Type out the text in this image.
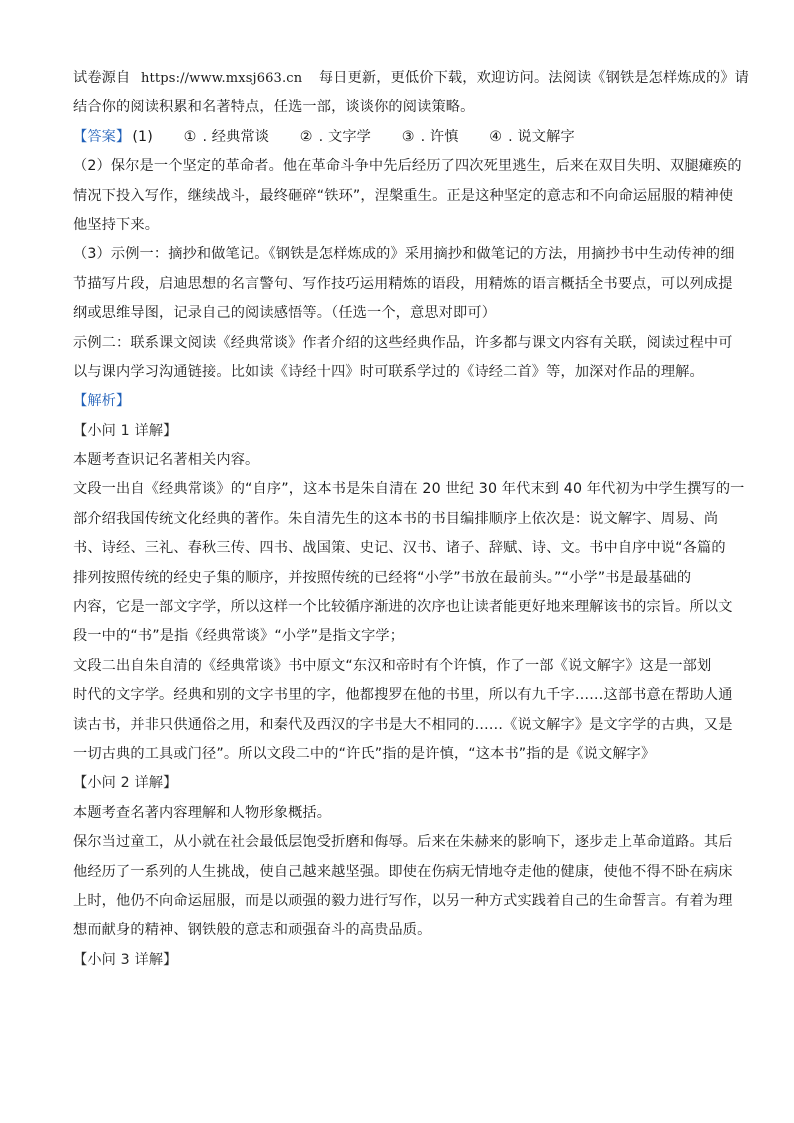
试卷源自 https://www.mxsj663.cn 每日更新，更低价下载，欢迎访问。法阅读《钢铁是怎样炼成的》请
结合你的阅读积累和名著特点，任选一部，谈谈你的阅读策略。
【答案】 (1) ① . 经典常谈 ② . 文字学 ③ . 许慎 ④ . 说文解字
（2）保尔是一个坚定的革命者。他在革命斗争中先后经历了四次死里逃生，后来在双目失明、双腿瘫痪的
情况下投入写作，继续战斗，最终砸碎“铁环”，涅槃重生。正是这种坚定的意志和不向命运屈服的精神使
他坚持下来。
（3）示例一：摘抄和做笔记。《钢铁是怎样炼成的》采用摘抄和做笔记的方法，用摘抄书中生动传神的细
节描写片段，启迪思想的名言警句、写作技巧运用精炼的语段，用精炼的语言概括全书要点，可以列成提
纲或思维导图，记录自己的阅读感悟等。（任选一个，意思对即可）
示例二：联系课文阅读《经典常谈》作者介绍的这些经典作品，许多都与课文内容有关联，阅读过程中可
以与课内学习沟通链接。比如读《诗经十四》时可联系学过的《诗经二首》等，加深对作品的理解。
【解析】
【小问 1 详解】
本题考查识记名著相关内容。
文段一出自《经典常谈》的“自序”，这本书是朱自清在 20 世纪 30 年代末到 40 年代初为中学生撰写的一
部介绍我国传统文化经典的著作。朱自清先生的这本书的书目编排顺序上依次是：说文解字、周易、尚
书、诗经、三礼、春秋三传、四书、战国策、史记、汉书、诸子、辞赋、诗、文。书中自序中说“各篇的
排列按照传统的经史子集的顺序，并按照传统的已经将“小学”书放在最前头。”“小学”书是最基础的
内容，它是一部文字学，所以这样一个比较循序渐进的次序也让读者能更好地来理解该书的宗旨。所以文
段一中的“书”是指《经典常谈》“小学”是指文字学；
文段二出自朱自清的《经典常谈》书中原文“东汉和帝时有个许慎，作了一部《说文解字》这是一部划
时代的文字学。经典和别的文字书里的字，他都搜罗在他的书里，所以有九千字……这部书意在帮助人通
读古书，并非只供通俗之用，和秦代及西汉的字书是大不相同的……《说文解字》是文字学的古典，又是
一切古典的工具或门径”。所以文段二中的“许氏”指的是许慎，“这本书”指的是《说文解字》
【小问 2 详解】
本题考查名著内容理解和人物形象概括。
保尔当过童工，从小就在社会最低层饱受折磨和侮辱。后来在朱赫来的影响下，逐步走上革命道路。其后
他经历了一系列的人生挑战，使自己越来越坚强。即使在伤病无情地夺走他的健康，使他不得不卧在病床
上时，他仍不向命运屈服，而是以顽强的毅力进行写作，以另一种方式实践着自己的生命誓言。有着为理
想而献身的精神、钢铁般的意志和顽强奋斗的高贵品质。
【小问 3 详解】
